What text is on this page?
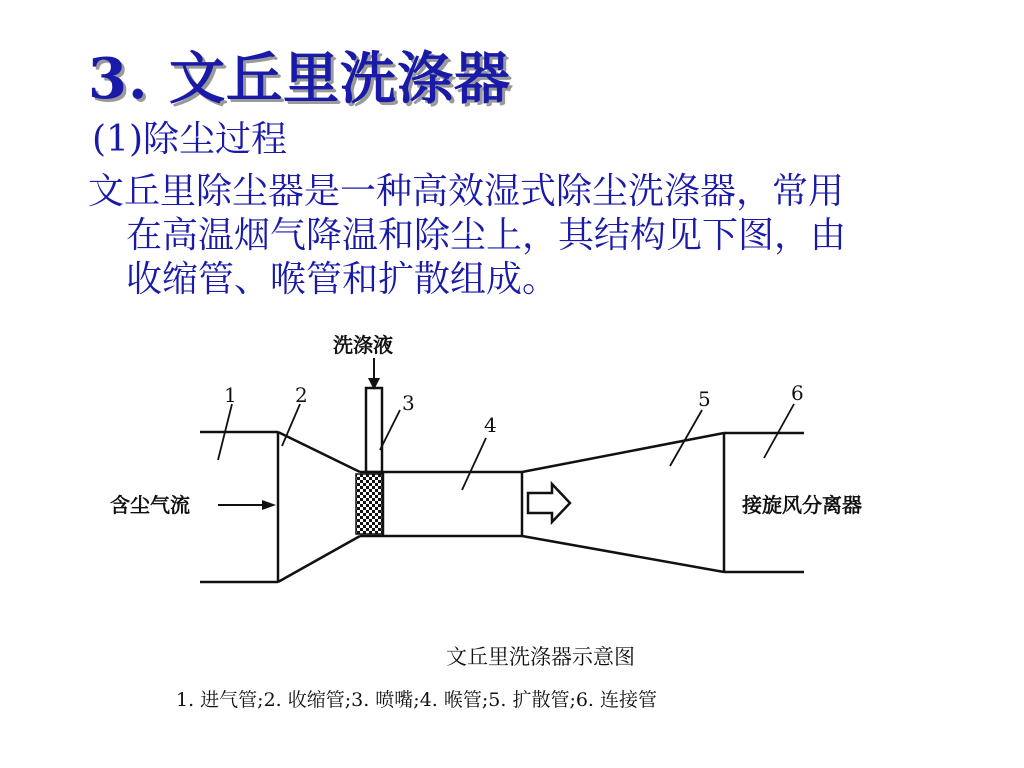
3. 文丘里洗涤器
(1)除尘过程
文丘里除尘器是一种高效湿式除尘洗涤器，常用
在高温烟气降温和除尘上，其结构见下图，由
收缩管、喉管和扩散组成。
1	2	3
4
5	6
洗涤液
含尘气流	接旋风分离器
文丘里洗涤器示意图
1. 进气管;2. 收缩管;3. 喷嘴;4. 喉管;5. 扩散管;6. 连接管
